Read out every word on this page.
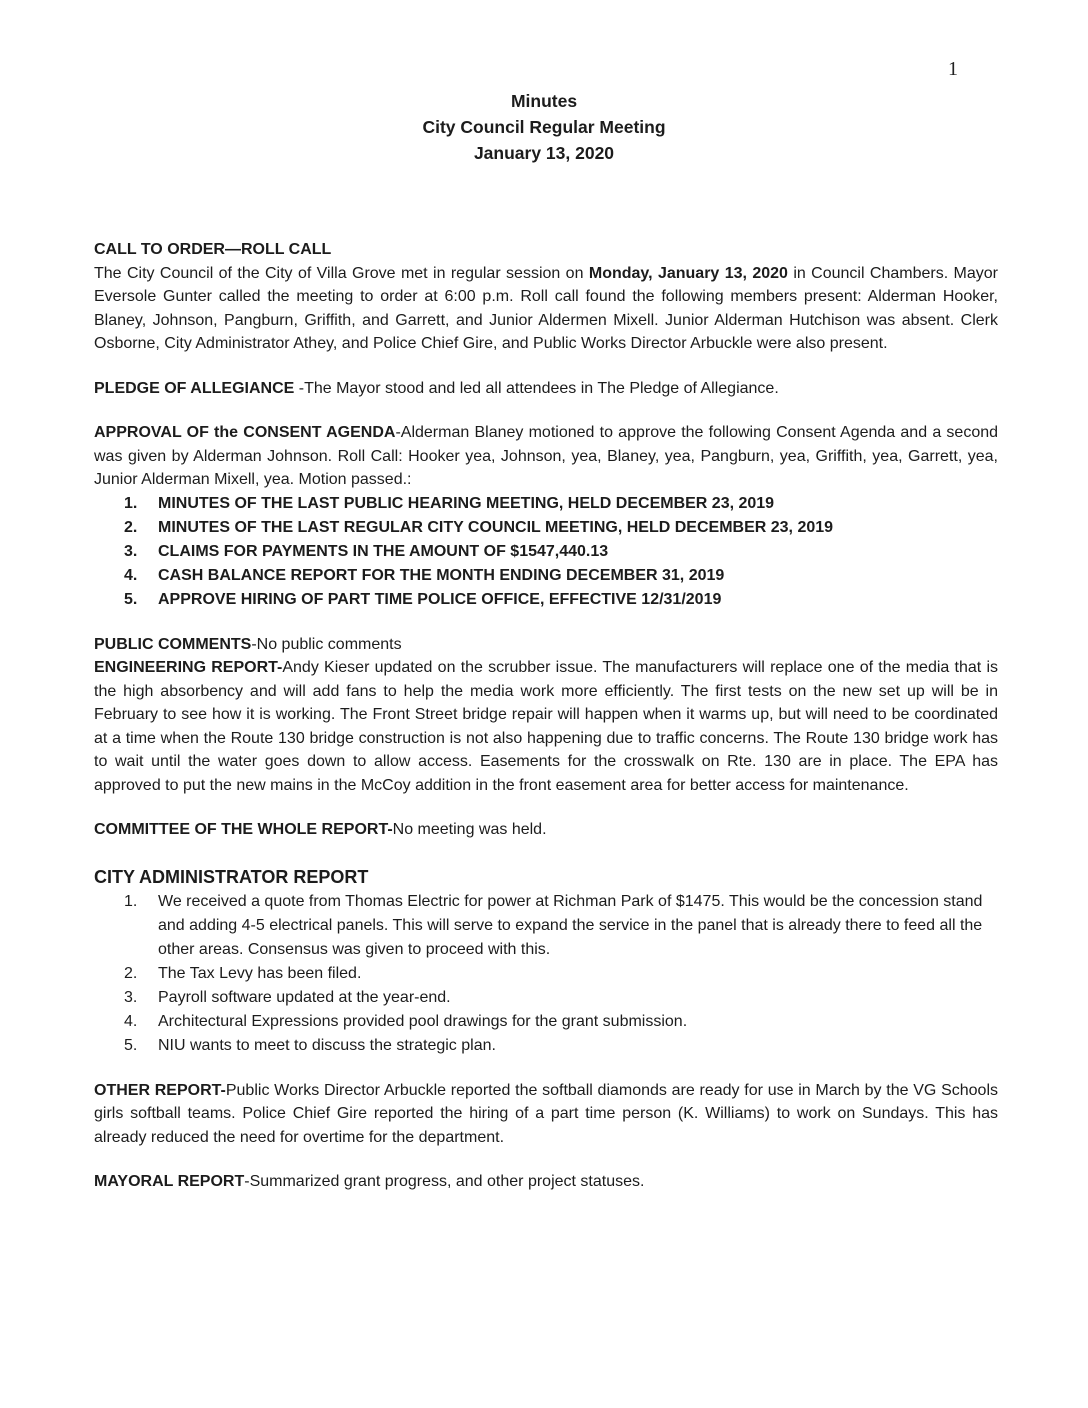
1
Minutes
City Council Regular Meeting
January 13, 2020
CALL TO ORDER—ROLL CALL

The City Council of the City of Villa Grove met in regular session on Monday, January 13, 2020 in Council Chambers. Mayor Eversole Gunter called the meeting to order at 6:00 p.m. Roll call found the following members present: Alderman Hooker, Blaney, Johnson, Pangburn, Griffith, and Garrett, and Junior Aldermen Mixell. Junior Alderman Hutchison was absent. Clerk Osborne, City Administrator Athey, and Police Chief Gire, and Public Works Director Arbuckle were also present.

PLEDGE OF ALLEGIANCE -The Mayor stood and led all attendees in The Pledge of Allegiance.

APPROVAL OF the CONSENT AGENDA-Alderman Blaney motioned to approve the following Consent Agenda and a second was given by Alderman Johnson. Roll Call: Hooker yea, Johnson, yea, Blaney, yea, Pangburn, yea, Griffith, yea, Garrett, yea, Junior Alderman Mixell, yea. Motion passed.:

1.	MINUTES OF THE LAST PUBLIC HEARING MEETING, HELD DECEMBER 23, 2019
2.	MINUTES OF THE LAST REGULAR CITY COUNCIL MEETING, HELD DECEMBER 23, 2019
3.	CLAIMS FOR PAYMENTS IN THE AMOUNT OF $1547,440.13
4.	CASH BALANCE REPORT FOR THE MONTH ENDING DECEMBER 31, 2019
5.	APPROVE HIRING OF PART TIME POLICE OFFICE, EFFECTIVE 12/31/2019

PUBLIC COMMENTS-No public comments

ENGINEERING REPORT-Andy Kieser updated on the scrubber issue. The manufacturers will replace one of the media that is the high absorbency and will add fans to help the media work more efficiently. The first tests on the new set up will be in February to see how it is working. The Front Street bridge repair will happen when it warms up, but will need to be coordinated at a time when the Route 130 bridge construction is not also happening due to traffic concerns. The Route 130 bridge work has to wait until the water goes down to allow access. Easements for the crosswalk on Rte. 130 are in place. The EPA has approved to put the new mains in the McCoy addition in the front easement area for better access for maintenance.

COMMITTEE OF THE WHOLE REPORT-No meeting was held.

CITY ADMINISTRATOR REPORT
1.	We received a quote from Thomas Electric for power at Richman Park of $1475. This would be the concession stand and adding 4-5 electrical panels. This will serve to expand the service in the panel that is already there to feed all the other areas. Consensus was given to proceed with this.
2.	The Tax Levy has been filed.
3.	Payroll software updated at the year-end.
4.	Architectural Expressions provided pool drawings for the grant submission.
5.	NIU wants to meet to discuss the strategic plan.

OTHER REPORT-Public Works Director Arbuckle reported the softball diamonds are ready for use in March by the VG Schools girls softball teams. Police Chief Gire reported the hiring of a part time person (K. Williams) to work on Sundays. This has already reduced the need for overtime for the department.

MAYORAL REPORT-Summarized grant progress, and other project statuses.
